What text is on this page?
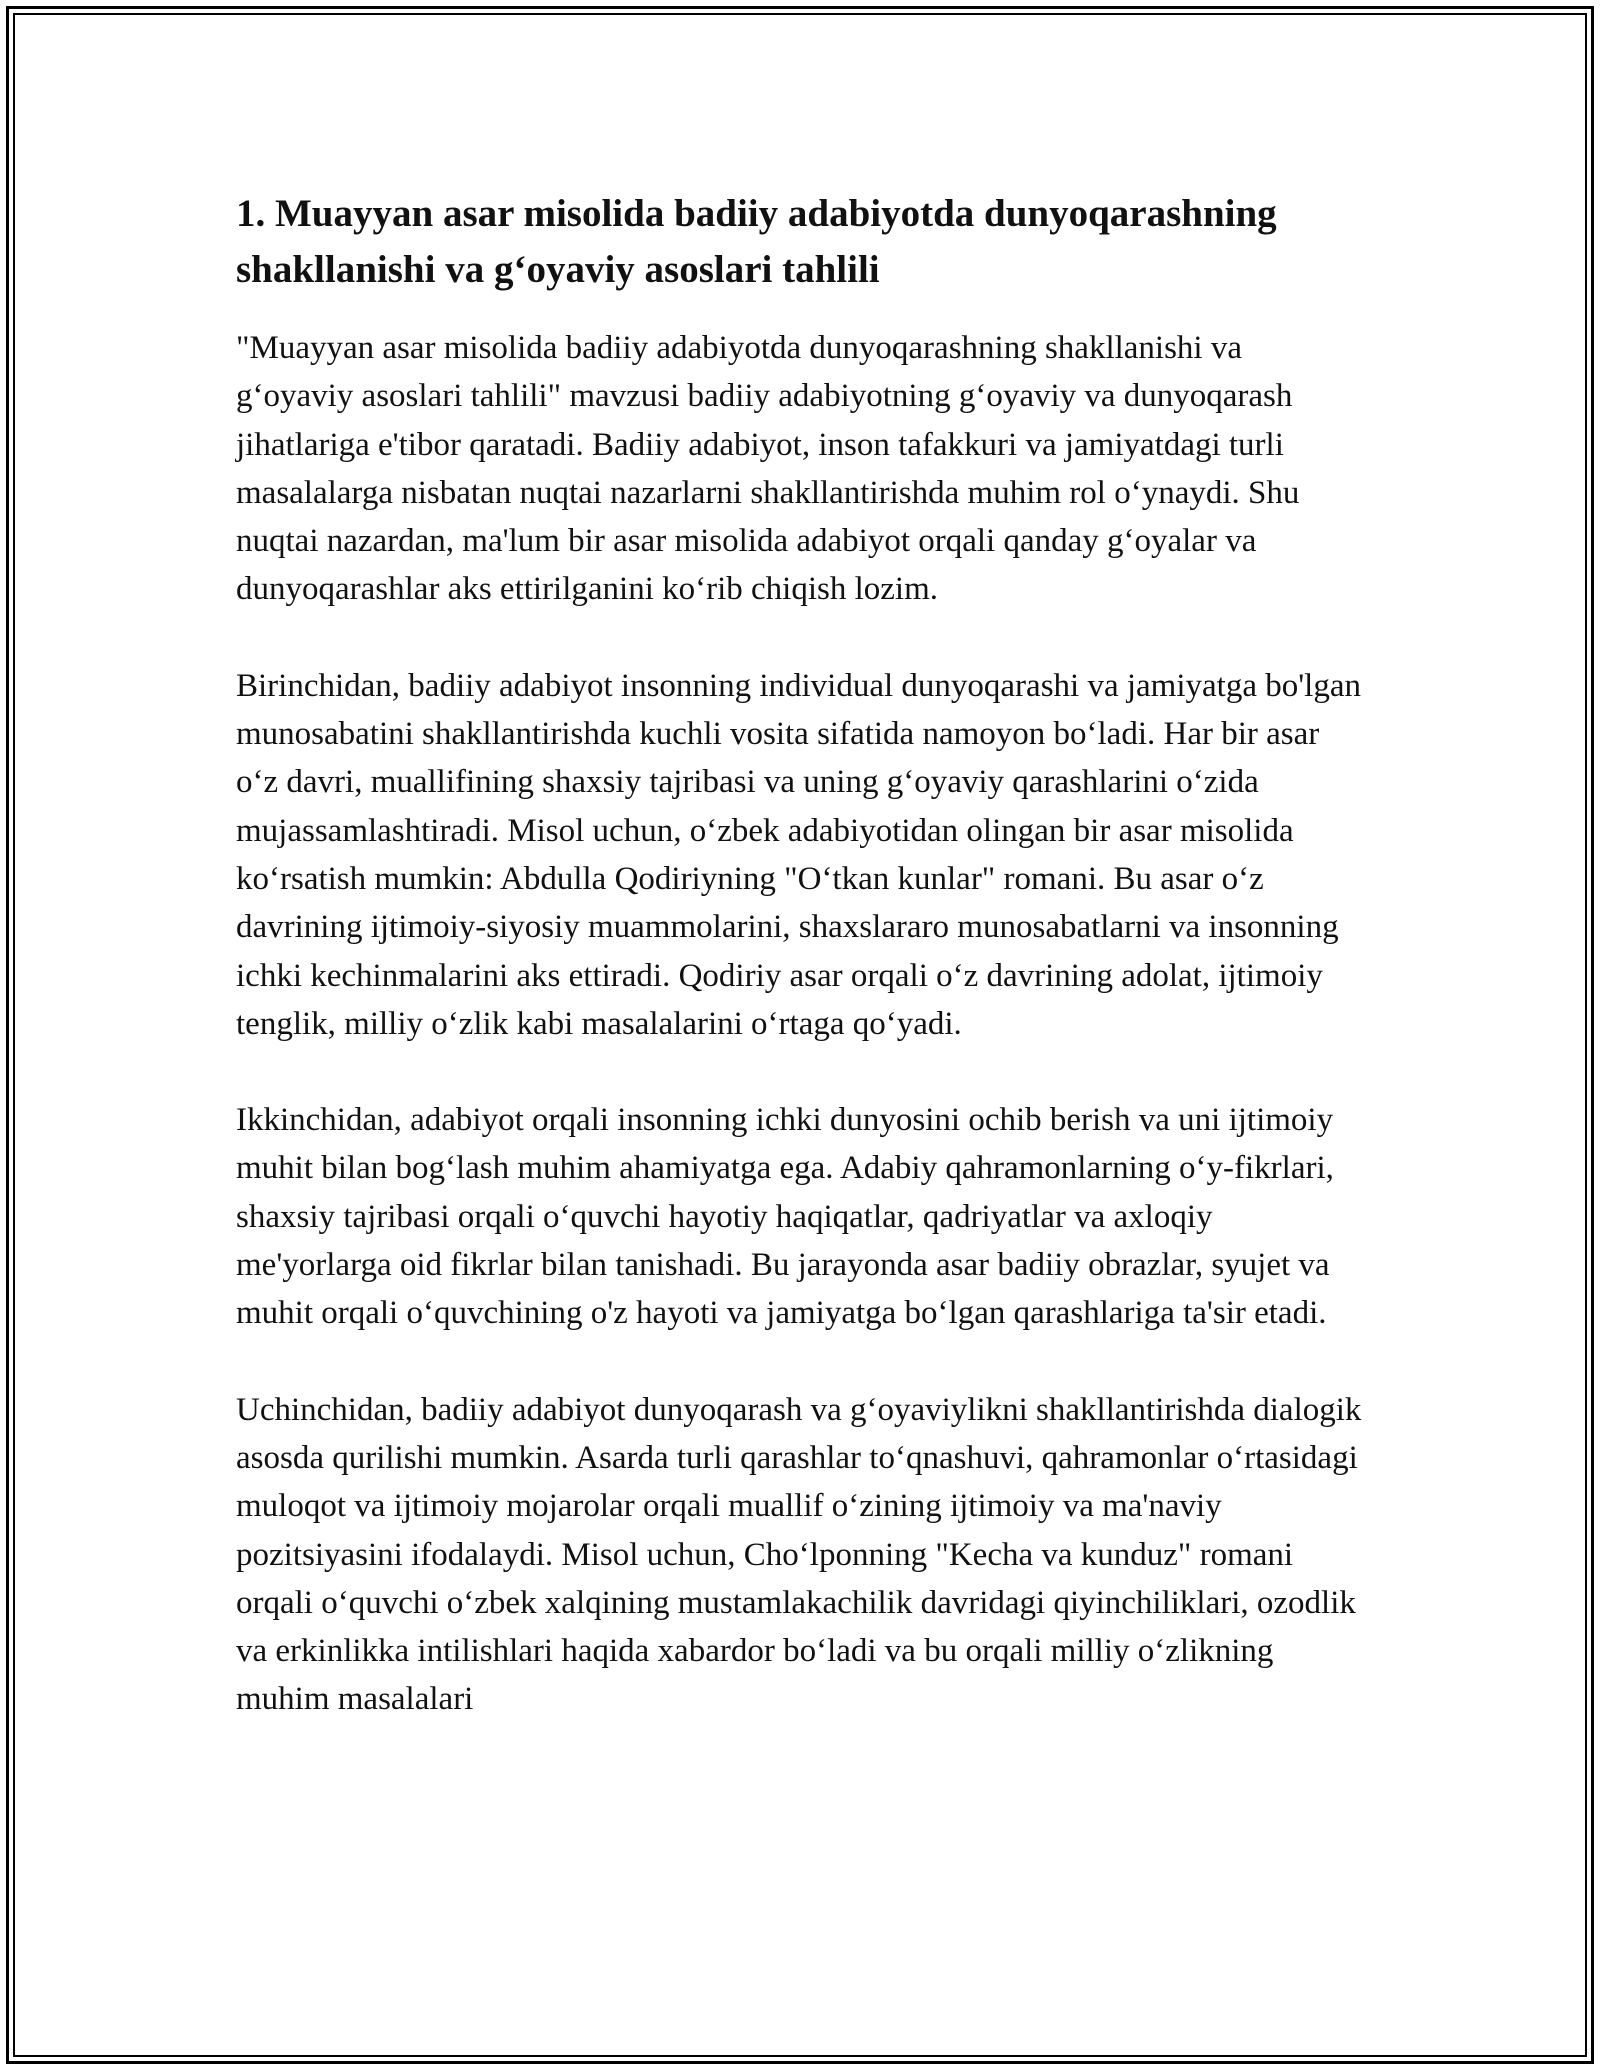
1. Muayyan asar misolida badiiy adabiyotda dunyoqarashning shakllanishi va g‘oyaviy asoslari tahlili

"Muayyan asar misolida badiiy adabiyotda dunyoqarashning shakllanishi va g‘oyaviy asoslari tahlili" mavzusi badiiy adabiyotning g‘oyaviy va dunyoqarash jihatlariga e'tibor qaratadi. Badiiy adabiyot, inson tafakkuri va jamiyatdagi turli masalalarga nisbatan nuqtai nazarlarni shakllantirishda muhim rol o‘ynaydi. Shu nuqtai nazardan, ma'lum bir asar misolida adabiyot orqali qanday g‘oyalar va dunyoqarashlar aks ettirilganini ko‘rib chiqish lozim.

Birinchidan, badiiy adabiyot insonning individual dunyoqarashi va jamiyatga bo'lgan munosabatini shakllantirishda kuchli vosita sifatida namoyon bo‘ladi. Har bir asar o‘z davri, muallifining shaxsiy tajribasi va uning g‘oyaviy qarashlarini o‘zida mujassamlashtiradi. Misol uchun, o‘zbek adabiyotidan olingan bir asar misolida ko‘rsatish mumkin: Abdulla Qodiriyning "O‘tkan kunlar" romani. Bu asar o‘z davrining ijtimoiy-siyosiy muammolarini, shaxslararo munosabatlarni va insonning ichki kechinmalarini aks ettiradi. Qodiriy asar orqali o‘z davrining adolat, ijtimoiy tenglik, milliy o‘zlik kabi masalalarini o‘rtaga qo‘yadi.

Ikkinchidan, adabiyot orqali insonning ichki dunyosini ochib berish va uni ijtimoiy muhit bilan bog‘lash muhim ahamiyatga ega. Adabiy qahramonlarning o‘y-fikrlari, shaxsiy tajribasi orqali o‘quvchi hayotiy haqiqatlar, qadriyatlar va axloqiy me'yorlarga oid fikrlar bilan tanishadi. Bu jarayonda asar badiiy obrazlar, syujet va muhit orqali o‘quvchining o'z hayoti va jamiyatga bo‘lgan qarashlariga ta'sir etadi.

Uchinchidan, badiiy adabiyot dunyoqarash va g‘oyaviylikni shakllantirishda dialogik asosda qurilishi mumkin. Asarda turli qarashlar to‘qnashuvi, qahramonlar o‘rtasidagi muloqot va ijtimoiy mojarolar orqali muallif o‘zining ijtimoiy va ma'naviy pozitsiyasini ifodalaydi. Misol uchun, Cho‘lponning "Kecha va kunduz" romani orqali o‘quvchi o‘zbek xalqining mustamlakachilik davridagi qiyinchiliklari, ozodlik va erkinlikka intilishlari haqida xabardor bo‘ladi va bu orqali milliy o‘zlikning muhim masalalari
